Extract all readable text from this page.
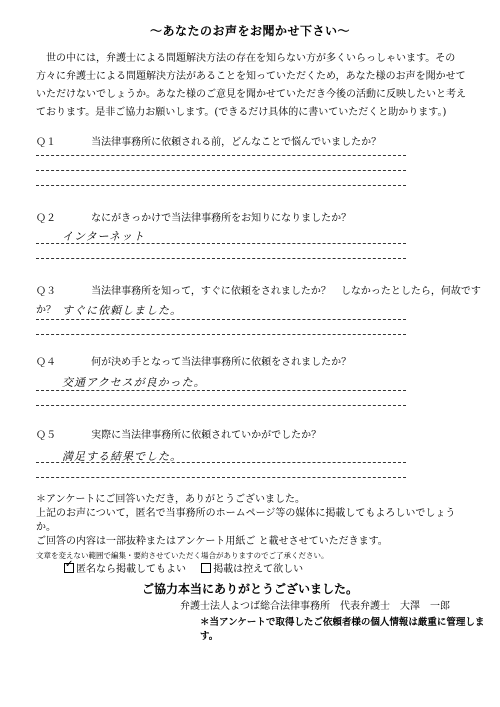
～あなたのお声をお聞かせ下さい～
　世の中には，弁護士による問題解決方法の存在を知らない方が多くいらっしゃいます。その方々に弁護士による問題解決方法があることを知っていただくため，あなた様のお声を聞かせていただけないでしょうか。あなた様のご意見を聞かせていただき今後の活動に反映したいと考えております。是非ご協力お願いします。(できるだけ具体的に書いていただくと助かります。)
Ｑ１	当法律事務所に依頼される前，どんなことで悩んでいましたか？
Ｑ２	なにがきっかけで当法律事務所をお知りになりましたか？
インターネット
Ｑ３	当法律事務所を知って，すぐに依頼をされましたか？　しなかったとしたら，何故ですか？ すぐに依頼しました。
Ｑ４	何が決め手となって当法律事務所に依頼をされましたか？
交通アクセスが良かった。
Ｑ５	実際に当法律事務所に依頼されていかがでしたか？
満足する結果でした。
＊アンケートにご回答いただき，ありがとうございました。
上記のお声について，匿名で当事務所のホームページ等の媒体に掲載してもよろしいでしょうか。
ご回答の内容は一部抜粋またはアンケート用紙ご と載せさせていただきます。
文章を変えない範囲で編集・要約させていただく場合がありますのでご了承ください。
✓匿名なら掲載してもよい	掲載は控えて欲しい
ご協力本当にありがとうございました。
弁護士法人よつば総合法律事務所　代表弁護士　大澤　一郎
＊当アンケートで取得したご依頼者様の個人情報は厳重に管理します。
